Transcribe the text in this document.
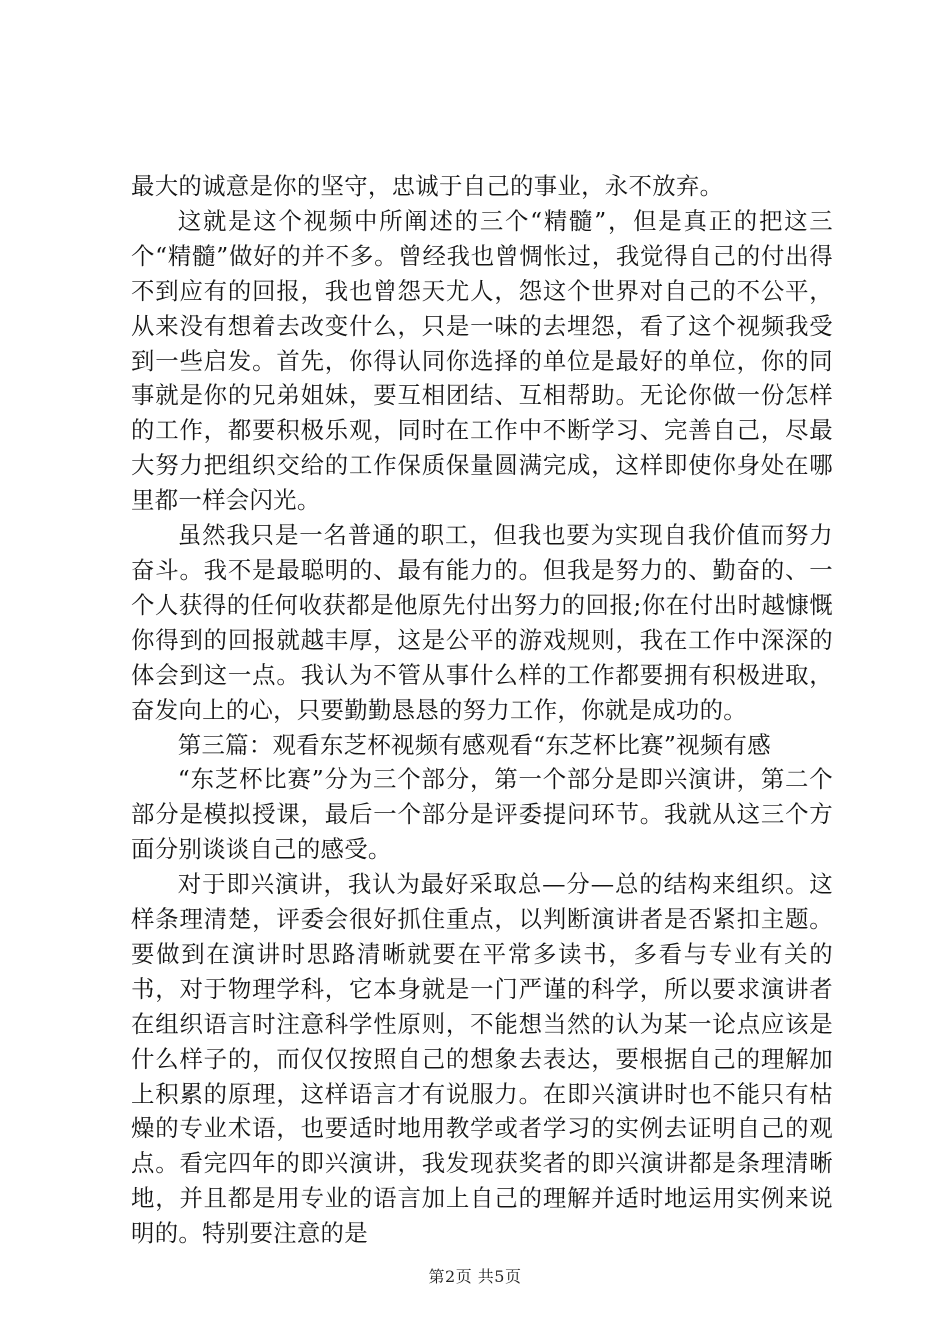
最大的诚意是你的坚守，忠诚于自己的事业，永不放弃。

这就是这个视频中所阐述的三个“精髓”，但是真正的把这三个“精髓”做好的并不多。曾经我也曾惆怅过，我觉得自己的付出得不到应有的回报，我也曾怨天尤人，怨这个世界对自己的不公平，从来没有想着去改变什么，只是一味的去埋怨，看了这个视频我受到一些启发。首先，你得认同你选择的单位是最好的单位，你的同事就是你的兄弟姐妹，要互相团结、互相帮助。无论你做一份怎样的工作，都要积极乐观，同时在工作中不断学习、完善自己，尽最大努力把组织交给的工作保质保量圆满完成，这样即使你身处在哪里都一样会闪光。

虽然我只是一名普通的职工，但我也要为实现自我价值而努力奋斗。我不是最聪明的、最有能力的。但我是努力的、勤奋的、一个人获得的任何收获都是他原先付出努力的回报;你在付出时越慷慨你得到的回报就越丰厚，这是公平的游戏规则，我在工作中深深的体会到这一点。我认为不管从事什么样的工作都要拥有积极进取，奋发向上的心，只要勤勤恳恳的努力工作，你就是成功的。

第三篇：观看东芝杯视频有感观看“东芝杯比赛”视频有感

“东芝杯比赛”分为三个部分，第一个部分是即兴演讲，第二个部分是模拟授课，最后一个部分是评委提问环节。我就从这三个方面分别谈谈自己的感受。

对于即兴演讲，我认为最好采取总—分—总的结构来组织。这样条理清楚，评委会很好抓住重点，以判断演讲者是否紧扣主题。要做到在演讲时思路清晰就要在平常多读书，多看与专业有关的书，对于物理学科，它本身就是一门严谨的科学，所以要求演讲者在组织语言时注意科学性原则，不能想当然的认为某一论点应该是什么样子的，而仅仅按照自己的想象去表达，要根据自己的理解加上积累的原理，这样语言才有说服力。在即兴演讲时也不能只有枯燥的专业术语，也要适时地用教学或者学习的实例去证明自己的观点。看完四年的即兴演讲，我发现获奖者的即兴演讲都是条理清晰地，并且都是用专业的语言加上自己的理解并适时地运用实例来说明的。特别要注意的是

第2页 共5页
